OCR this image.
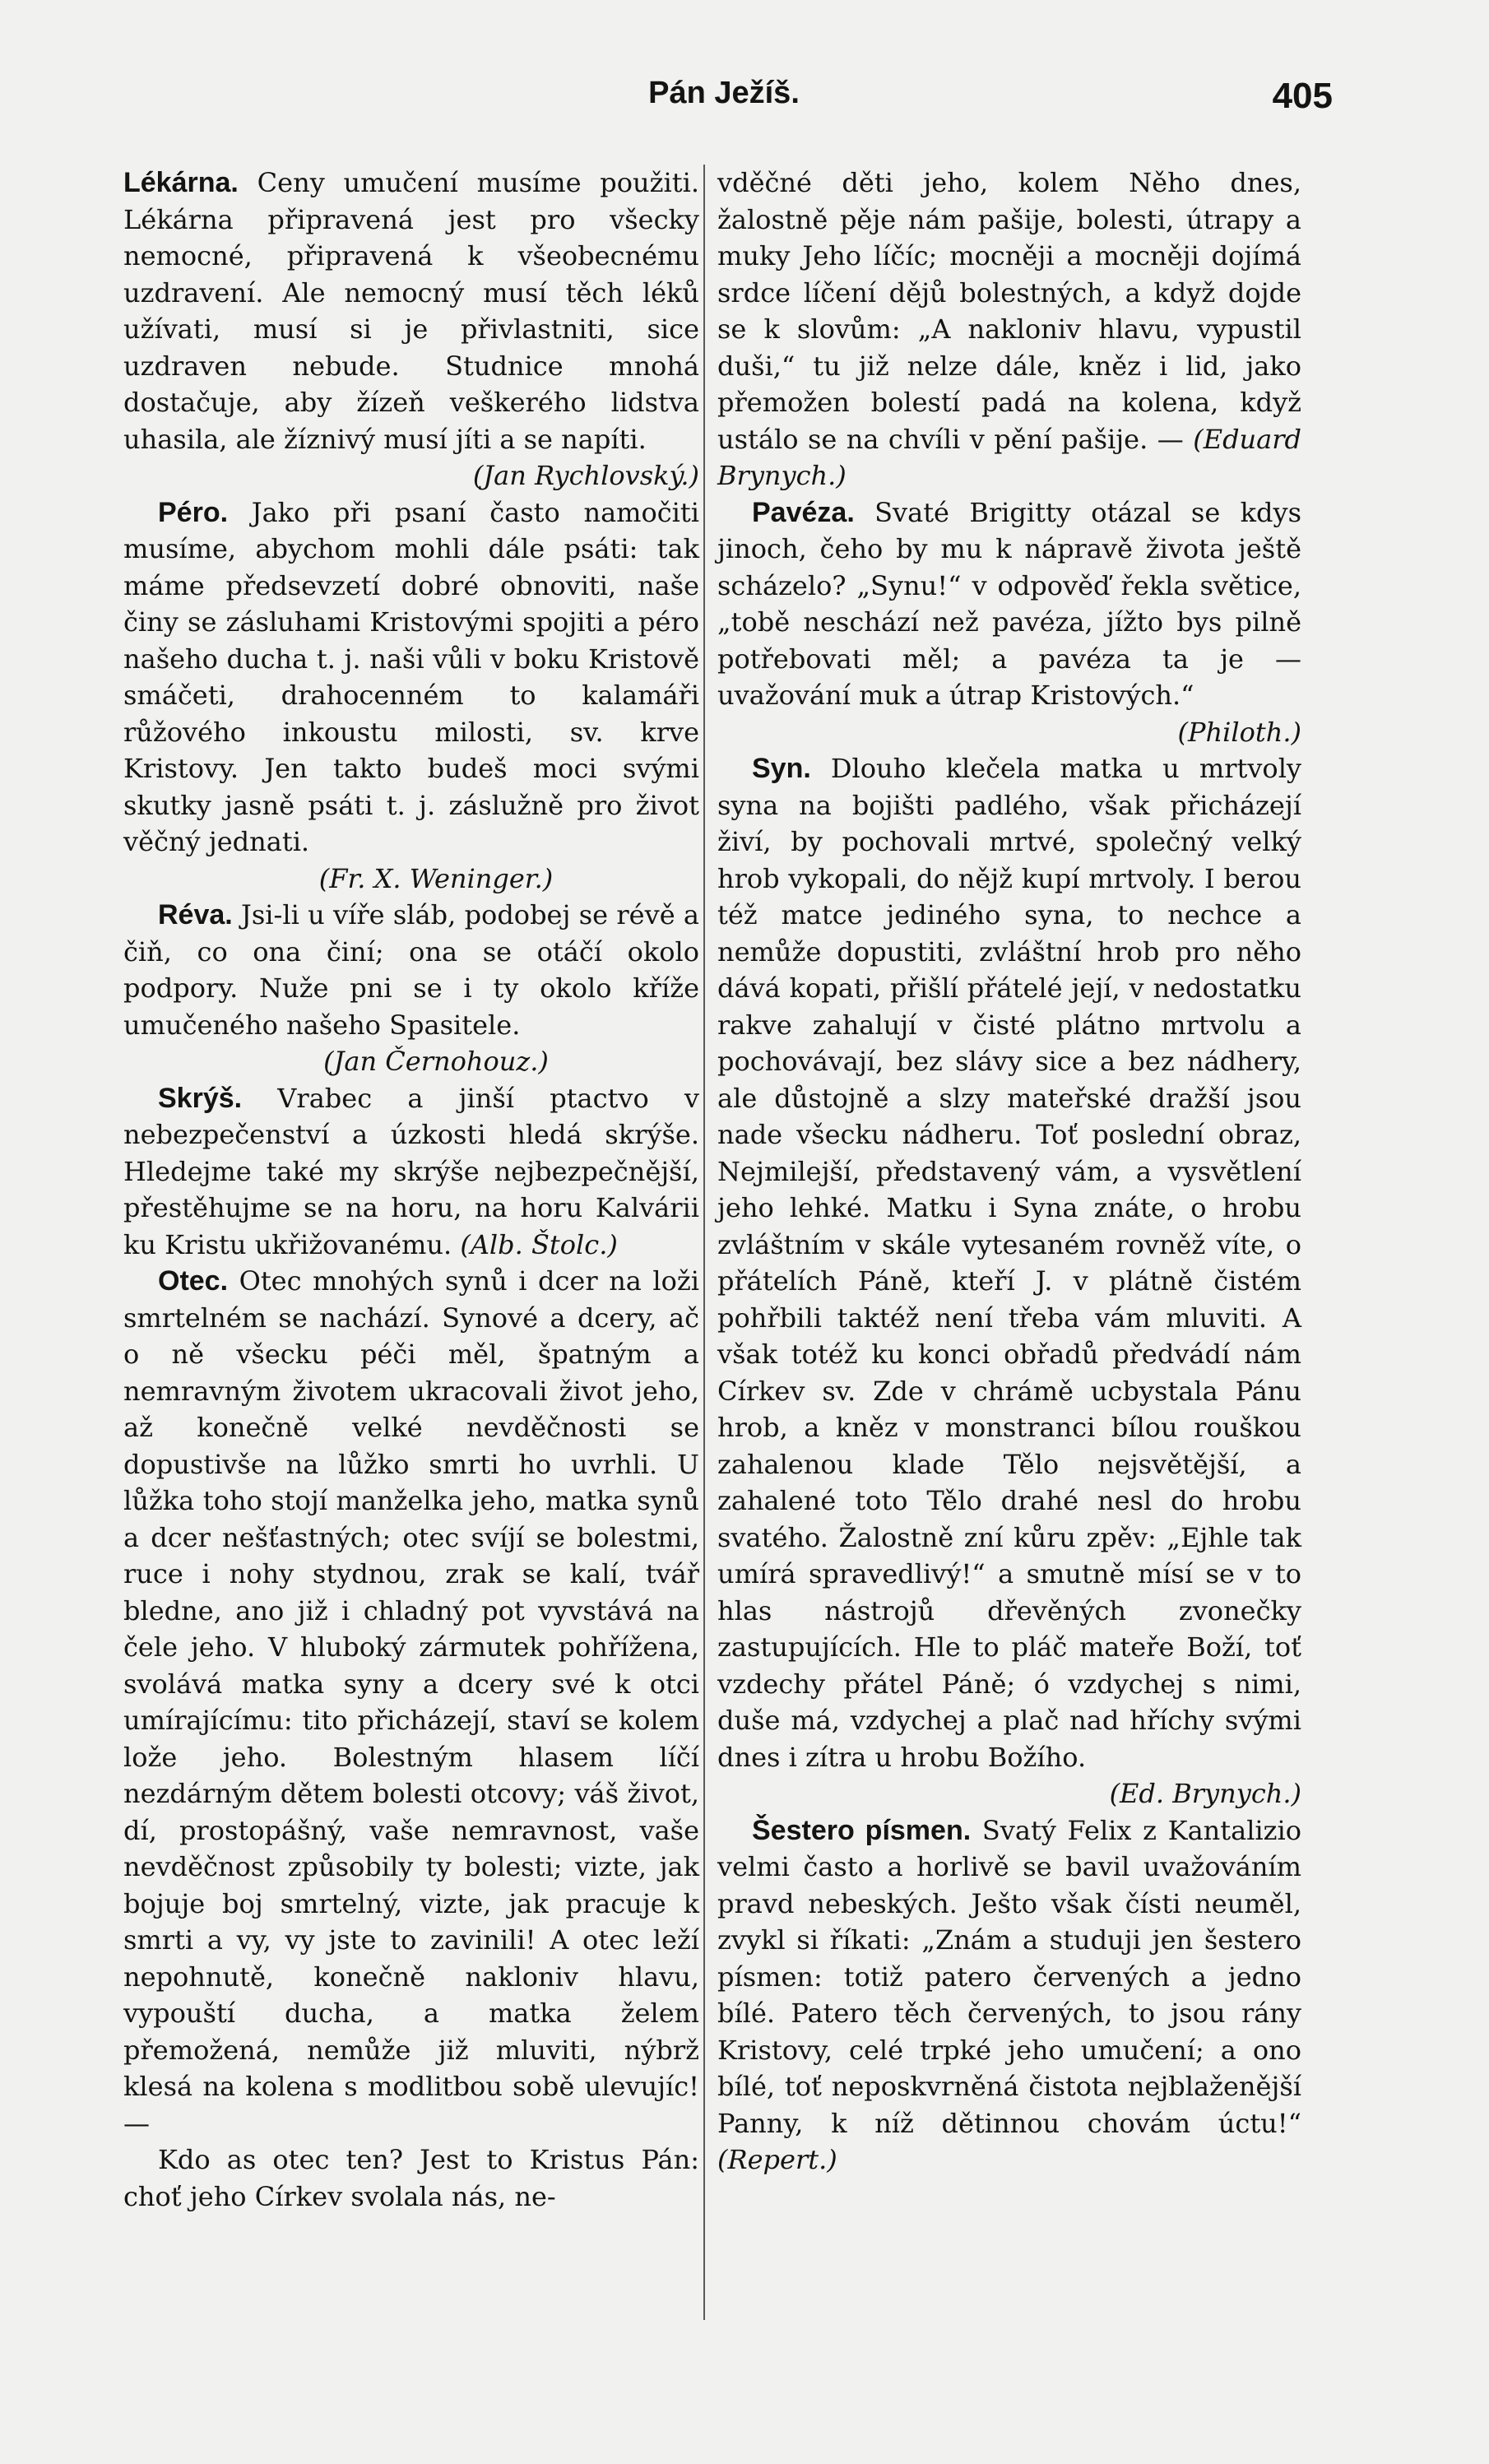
Pán Ježíš.	405

Lékárna. Ceny umučení musíme použiti. Lékárna připravená jest pro všecky nemocné, připravená k všeobecnému uzdravení. Ale nemocný musí těch léků užívati, musí si je přivlastniti, sice uzdraven nebude. Studnice mnohá dostačuje, aby žízeň veškerého lidstva uhasila, ale žíznivý musí jíti a se napíti.

(Jan Rychlovský.)

Péro. Jako při psaní často namočiti musíme, abychom mohli dále psáti: tak máme předsevzetí dobré obnoviti, naše činy se zásluhami Kristovými spojiti a péro našeho ducha t. j. naši vůli v boku Kristově smáčeti, drahocenném to kalamáři růžového inkoustu milosti, sv. krve Kristovy. Jen takto budeš moci svými skutky jasně psáti t. j. záslužně pro život věčný jednati.

(Fr. X. Weninger.)

Réva. Jsi-li u víře sláb, podobej se révě a čiň, co ona činí; ona se otáčí okolo podpory. Nuže pni se i ty okolo kříže umučeného našeho Spasitele.

(Jan Černohouz.)

Skrýš. Vrabec a jinší ptactvo v nebezpečenství a úzkosti hledá skrýše. Hledejme také my skrýše nejbezpečnější, přestěhujme se na horu, na horu Kalvárii ku Kristu ukřižovanému. (Alb. Štolc.)

Otec. Otec mnohých synů i dcer na loži smrtelném se nachází. Synové a dcery, ač o ně všecku péči měl, špatným a nemravným životem ukracovali život jeho, až konečně velké nevděčnosti se dopustivše na lůžko smrti ho uvrhli. U lůžka toho stojí manželka jeho, matka synů a dcer nešťastných; otec svíjí se bolestmi, ruce i nohy stydnou, zrak se kalí, tvář bledne, ano již i chladný pot vyvstává na čele jeho. V hluboký zármutek pohřížena, svolává matka syny a dcery své k otci umírajícímu: tito přicházejí, staví se kolem lože jeho. Bolestným hlasem líčí nezdárným dětem bolesti otcovy; váš život, dí, prostopášný, vaše nemravnost, vaše nevděčnost způsobily ty bolesti; vizte, jak bojuje boj smrtelný, vizte, jak pracuje k smrti a vy, vy jste to zavinili! A otec leží nepohnutě, konečně nakloniv hlavu, vypouští ducha, a matka želem přemožená, nemůže již mluviti, nýbrž klesá na kolena s modlitbou sobě ulevujíc! —

Kdo as otec ten? Jest to Kristus Pán: choť jeho Církev svolala nás, ne-

vděčné děti jeho, kolem Něho dnes, žalostně pěje nám pašije, bolesti, útrapy a muky Jeho líčíc; mocněji a mocněji dojímá srdce líčení dějů bolestných, a když dojde se k slovům: „A nakloniv hlavu, vypustil duši,“ tu již nelze dále, kněz i lid, jako přemožen bolestí padá na kolena, když ustálo se na chvíli v pění pašije. — (Eduard Brynych.)

Pavéza. Svaté Brigitty otázal se kdys jinoch, čeho by mu k nápravě života ještě scházelo? „Synu!“ v odpověď řekla světice, „tobě neschází než pavéza, jížto bys pilně potřebovati měl; a pavéza ta je — uvažování muk a útrap Kristových.“

(Philoth.)

Syn. Dlouho klečela matka u mrtvoly syna na bojišti padlého, však přicházejí živí, by pochovali mrtvé, společný velký hrob vykopali, do nějž kupí mrtvoly. I berou též matce jediného syna, to nechce a nemůže dopustiti, zvláštní hrob pro něho dává kopati, přišlí přátelé její, v nedostatku rakve zahalují v čisté plátno mrtvolu a pochovávají, bez slávy sice a bez nádhery, ale důstojně a slzy mateřské dražší jsou nade všecku nádheru. Toť poslední obraz, Nejmilejší, představený vám, a vysvětlení jeho lehké. Matku i Syna znáte, o hrobu zvláštním v skále vytesaném rovněž víte, o přátelích Páně, kteří J. v plátně čistém pohřbili taktéž není třeba vám mluviti. A však totéž ku konci obřadů předvádí nám Církev sv. Zde v chrámě ucbystala Pánu hrob, a kněz v monstranci bílou rouškou zahalenou klade Tělo nejsvětější, a zahalené toto Tělo drahé nesl do hrobu svatého. Žalostně zní kůru zpěv: „Ejhle tak umírá spravedlivý!“ a smutně mísí se v to hlas nástrojů dřevěných zvonečky zastupujících. Hle to pláč mateře Boží, toť vzdechy přátel Páně; ó vzdychej s nimi, duše má, vzdychej a plač nad hříchy svými dnes i zítra u hrobu Božího.

(Ed. Brynych.)

Šestero písmen. Svatý Felix z Kantalizio velmi často a horlivě se bavil uvažováním pravd nebeských. Ješto však čísti neuměl, zvykl si říkati: „Znám a studuji jen šestero písmen: totiž patero červených a jedno bílé. Patero těch červených, to jsou rány Kristovy, celé trpké jeho umučení; a ono bílé, toť neposkvrněná čistota nejblaženější Panny, k níž dětinnou chovám úctu!“ (Repert.)
